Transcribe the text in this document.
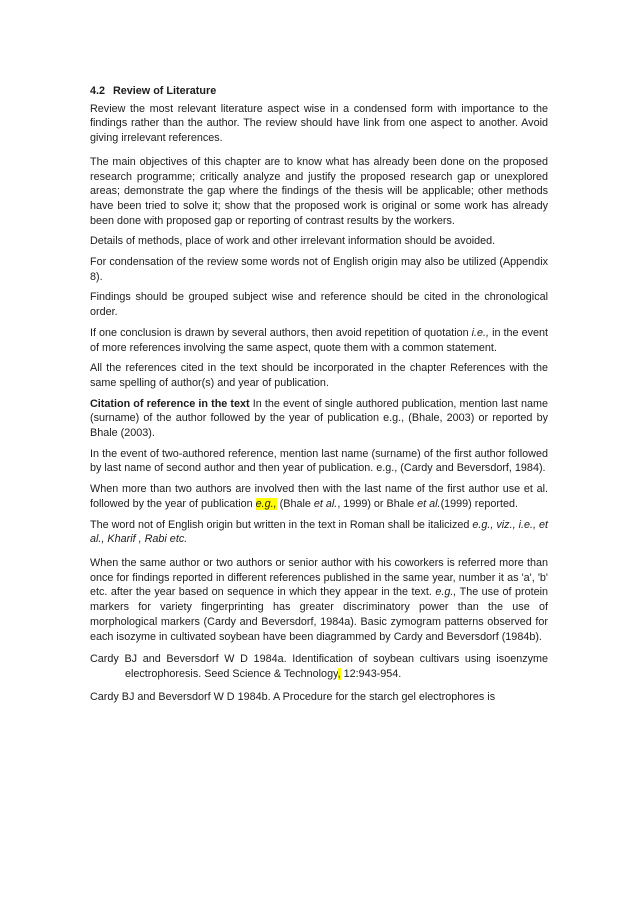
4.2 Review of Literature

Review the most relevant literature aspect wise in a condensed form with importance to the findings rather than the author. The review should have link from one aspect to another. Avoid giving irrelevant references.

The main objectives of this chapter are to know what has already been done on the proposed research programme; critically analyze and justify the proposed research gap or unexplored areas; demonstrate the gap where the findings of the thesis will be applicable; other methods have been tried to solve it; show that the proposed work is original or some work has already been done with proposed gap or reporting of contrast results by the workers.

Details of methods, place of work and other irrelevant information should be avoided.

For condensation of the review some words not of English origin may also be utilized (Appendix 8).

Findings should be grouped subject wise and reference should be cited in the chronological order.

If one conclusion is drawn by several authors, then avoid repetition of quotation i.e., in the event of more references involving the same aspect, quote them with a common statement.

All the references cited in the text should be incorporated in the chapter References with the same spelling of author(s) and year of publication.

Citation of reference in the text In the event of single authored publication, mention last name (surname) of the author followed by the year of publication e.g., (Bhale, 2003) or reported by Bhale (2003).

In the event of two-authored reference, mention last name (surname) of the first author followed by last name of second author and then year of publication. e.g., (Cardy and Beversdorf, 1984).

When more than two authors are involved then with the last name of the first author use et al. followed by the year of publication e.g., (Bhale et al., 1999) or Bhale et al.(1999) reported.

The word not of English origin but written in the text in Roman shall be italicized e.g., viz., i.e., et al., Kharif , Rabi etc.

When the same author or two authors or senior author with his coworkers is referred more than once for findings reported in different references published in the same year, number it as 'a', 'b' etc. after the year based on sequence in which they appear in the text. e.g., The use of protein markers for variety fingerprinting has greater discriminatory power than the use of morphological markers (Cardy and Beversdorf, 1984a). Basic zymogram patterns observed for each isozyme in cultivated soybean have been diagrammed by Cardy and Beversdorf (1984b).

Cardy BJ and Beversdorf W D 1984a. Identification of soybean cultivars using isoenzyme electrophoresis. Seed Science & Technology, 12:943-954.

Cardy BJ and Beversdorf W D 1984b. A Procedure for the starch gel electrophores is
